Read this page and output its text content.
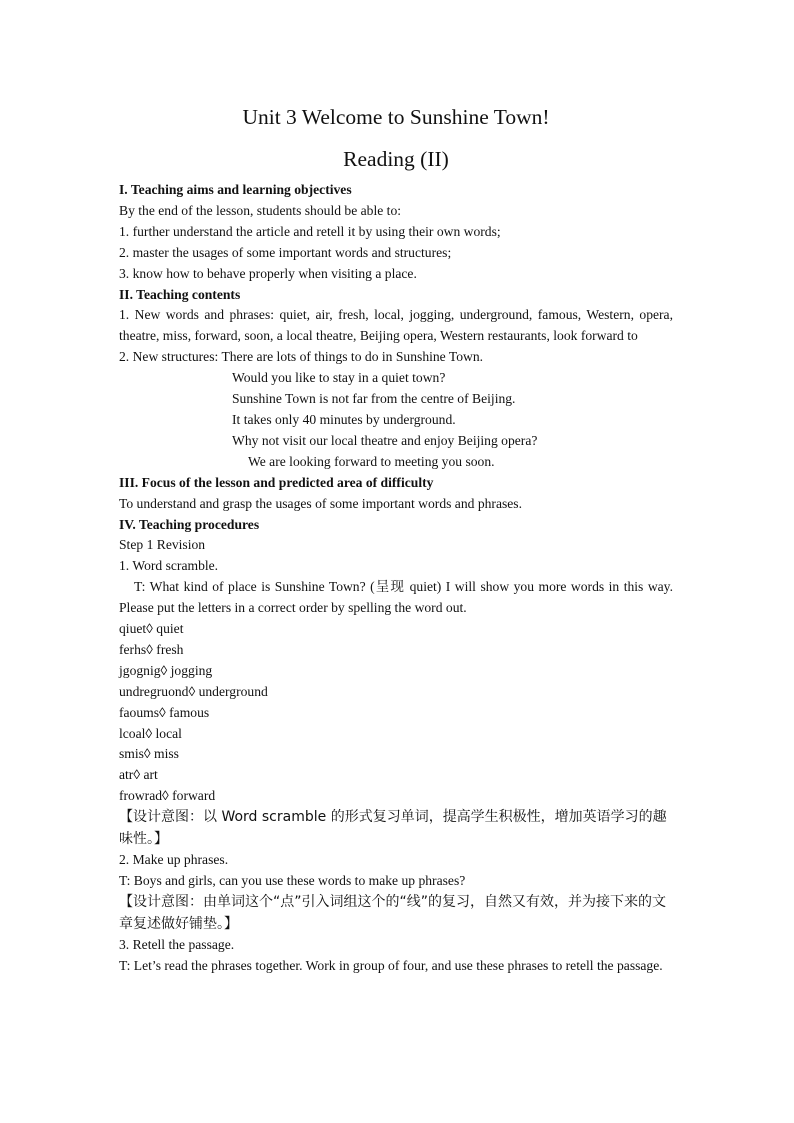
Unit 3 Welcome to Sunshine Town!
Reading (II)
I. Teaching aims and learning objectives
By the end of the lesson, students should be able to:
1. further understand the article and retell it by using their own words;
2. master the usages of some important words and structures;
3. know how to behave properly when visiting a place.
II. Teaching contents
1. New words and phrases: quiet, air, fresh, local, jogging, underground, famous, Western, opera, theatre, miss, forward, soon, a local theatre, Beijing opera, Western restaurants, look forward to
2. New structures: There are lots of things to do in Sunshine Town.
Would you like to stay in a quiet town?
Sunshine Town is not far from the centre of Beijing.
It takes only 40 minutes by underground.
Why not visit our local theatre and enjoy Beijing opera?
We are looking forward to meeting you soon.
III. Focus of the lesson and predicted area of difficulty
To understand and grasp the usages of some important words and phrases.
IV. Teaching procedures
Step 1 Revision
1. Word scramble.
T: What kind of place is Sunshine Town? (呈现 quiet) I will show you more words in this way. Please put the letters in a correct order by spelling the word out.
qiuet◊ quiet
ferhs◊ fresh
jgognig◊ jogging
undregruond◊ underground
faoums◊ famous
lcoal◊ local
smis◊ miss
atr◊ art
frowrad◊ forward
【设计意图：以 Word scramble 的形式复习单词，提高学生积极性，增加英语学习的趣味性。】
2. Make up phrases.
T: Boys and girls, can you use these words to make up phrases?
【设计意图：由单词这个“点”引入词组这个的“线”的复习，自然又有效，并为接下来的文章复述做好铺垫。】
3. Retell the passage.
T: Let’s read the phrases together. Work in group of four, and use these phrases to retell the passage.
